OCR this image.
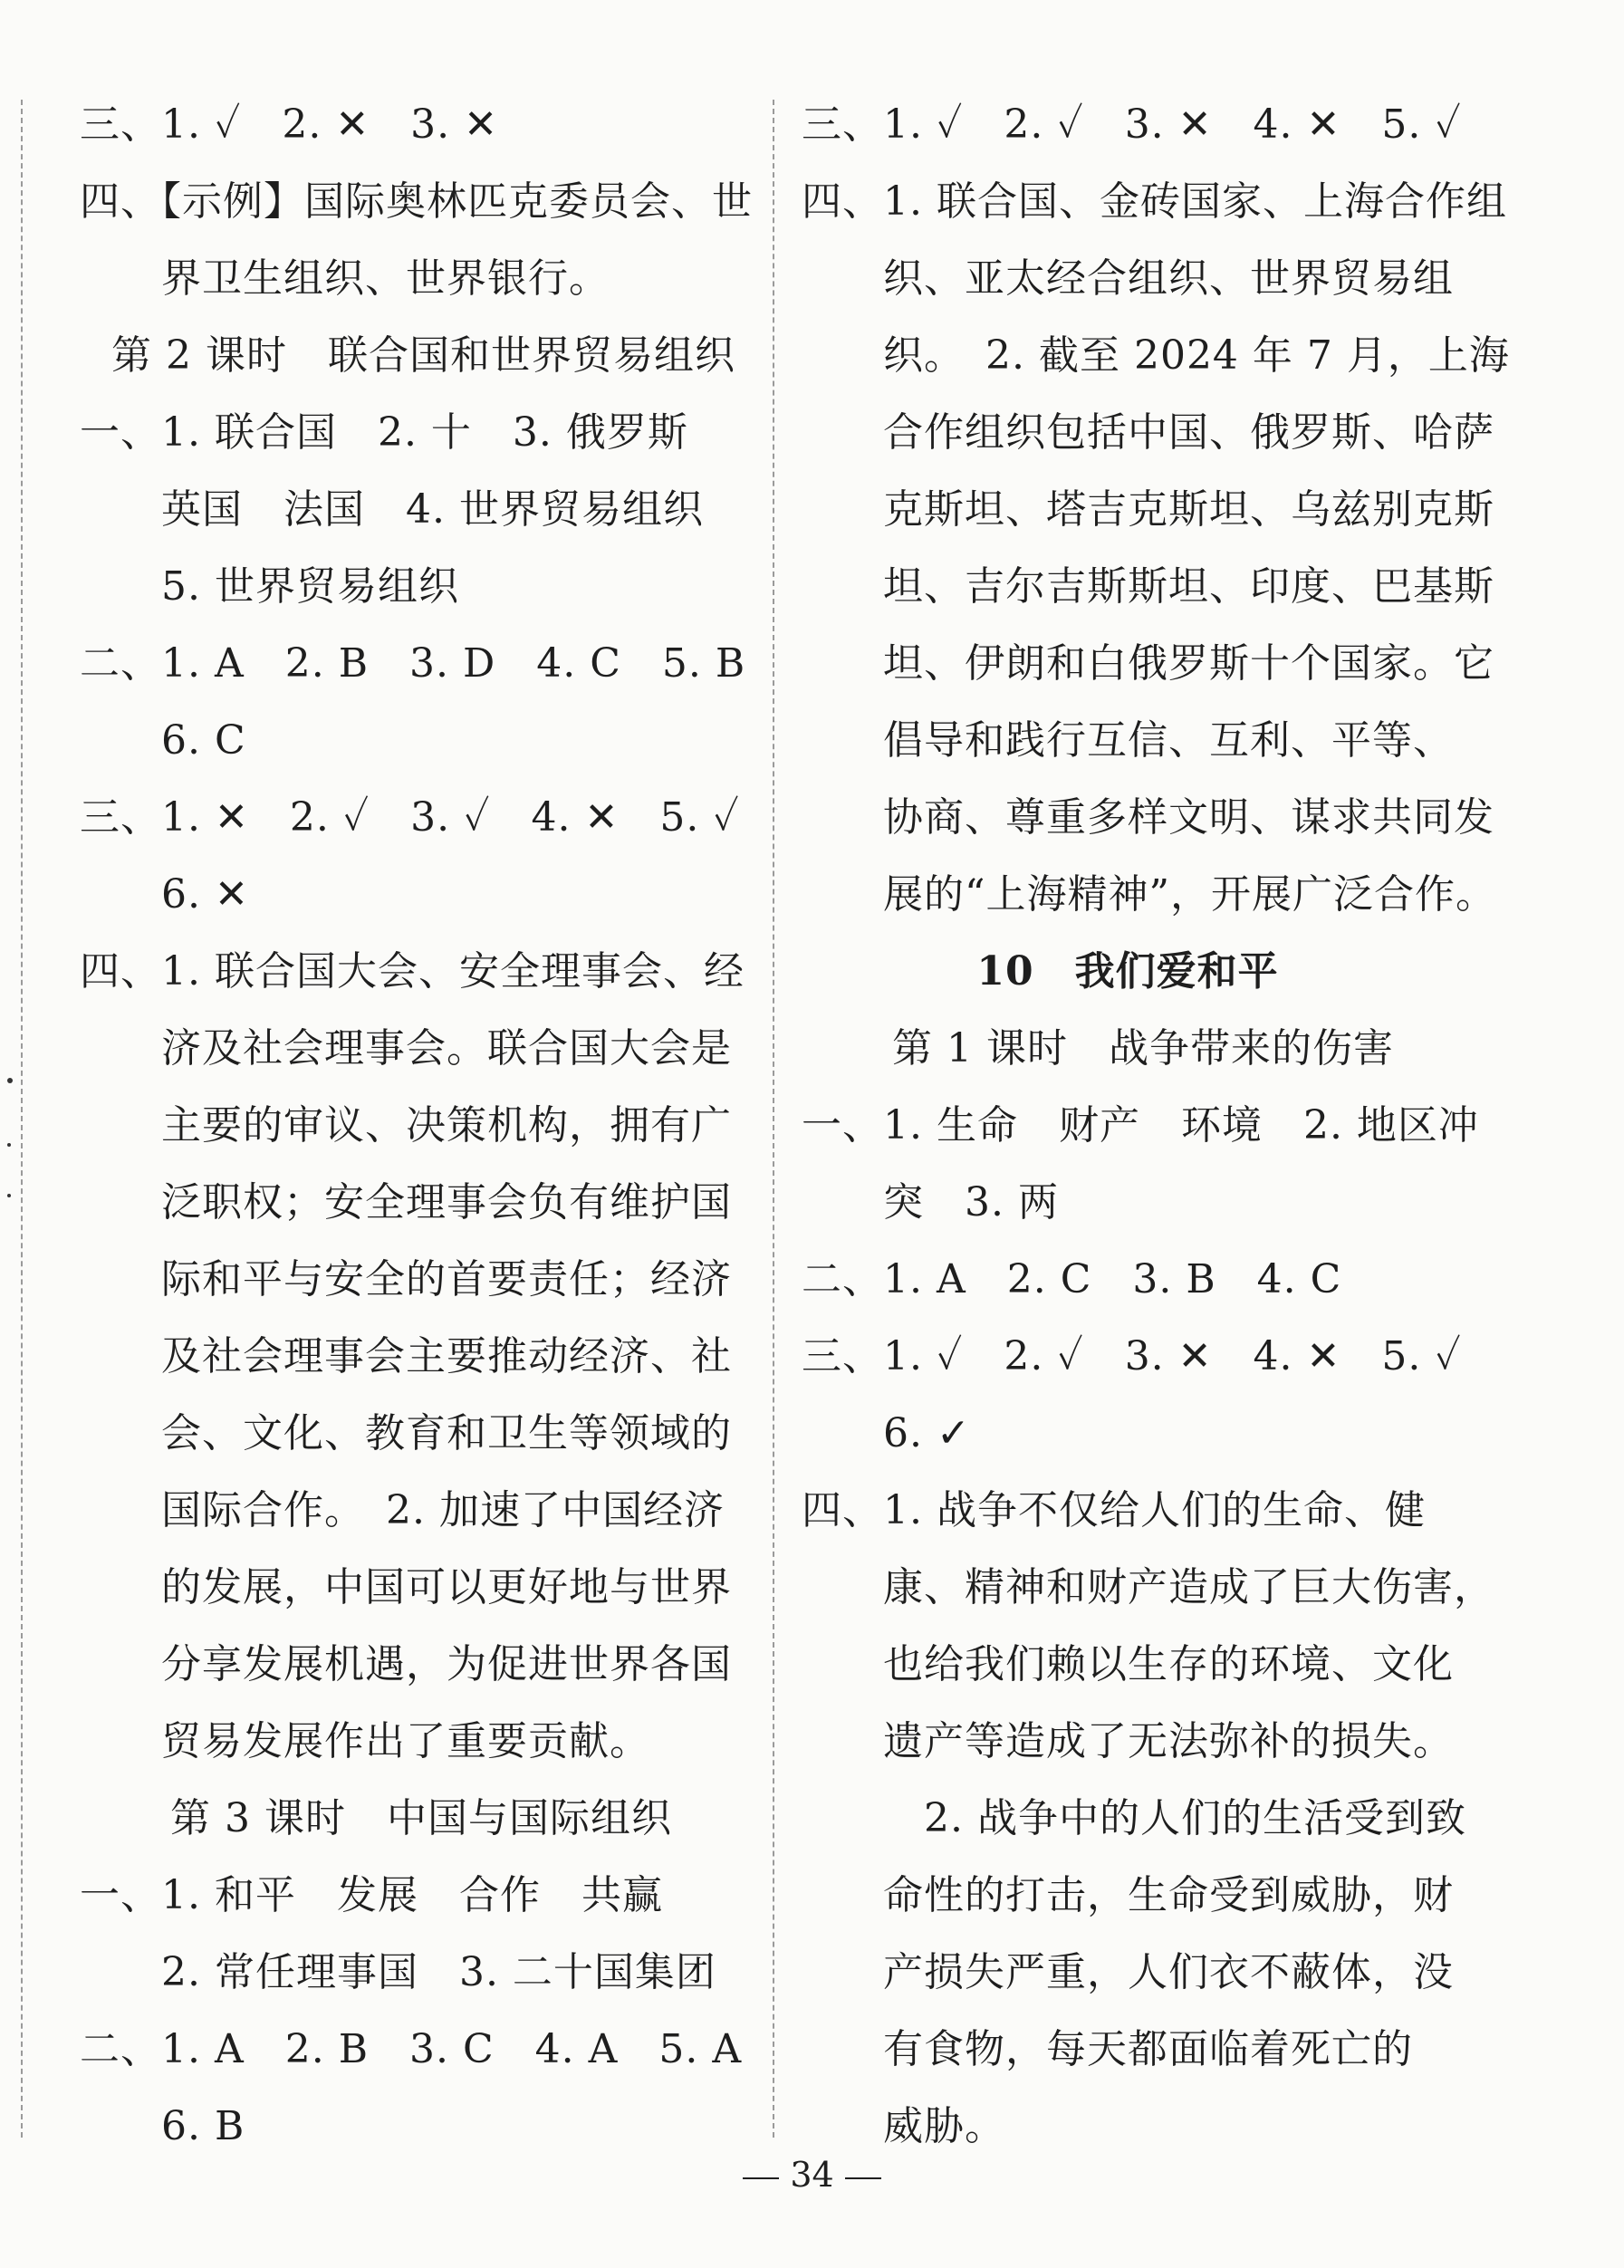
三、1. ✓　2. ✕　3. ✕
四、【示例】国际奥林匹克委员会、世
界卫生组织、世界银行。
第 2 课时　联合国和世界贸易组织
一、1. 联合国　2. 十　3. 俄罗斯
英国　法国　4. 世界贸易组织
5. 世界贸易组织
二、1. A　2. B　3. D　4. C　5. B
6. C
三、1. ✕　2. ✓　3. ✓　4. ✕　5. ✓
6. ✕
四、1. 联合国大会、安全理事会、经
济及社会理事会。联合国大会是
主要的审议、决策机构，拥有广
泛职权；安全理事会负有维护国
际和平与安全的首要责任；经济
及社会理事会主要推动经济、社
会、文化、教育和卫生等领域的
国际合作。　2. 加速了中国经济
的发展，中国可以更好地与世界
分享发展机遇，为促进世界各国
贸易发展作出了重要贡献。
第 3 课时　中国与国际组织
一、1. 和平　发展　合作　共赢
2. 常任理事国　3. 二十国集团
二、1. A　2. B　3. C　4. A　5. A
6. B
三、1. ✓　2. ✓　3. ✕　4. ✕　5. ✓
四、1. 联合国、金砖国家、上海合作组
织、亚太经合组织、世界贸易组
织。　2. 截至 2024 年 7 月，上海
合作组织包括中国、俄罗斯、哈萨
克斯坦、塔吉克斯坦、乌兹别克斯
坦、吉尔吉斯斯坦、印度、巴基斯
坦、伊朗和白俄罗斯十个国家。它
倡导和践行互信、互利、平等、
协商、尊重多样文明、谋求共同发
展的“上海精神”，开展广泛合作。
10　我们爱和平
第 1 课时　战争带来的伤害
一、1. 生命　财产　环境　2. 地区冲
突　3. 两
二、1. A　2. C　3. B　4. C
三、1. ✓　2. ✓　3. ✕　4. ✕　5. ✓
6. ✓
四、1. 战争不仅给人们的生命、健
康、精神和财产造成了巨大伤害，
也给我们赖以生存的环境、文化
遗产等造成了无法弥补的损失。
2. 战争中的人们的生活受到致
命性的打击，生命受到威胁，财
产损失严重，人们衣不蔽体，没
有食物，每天都面临着死亡的
威胁。
34
